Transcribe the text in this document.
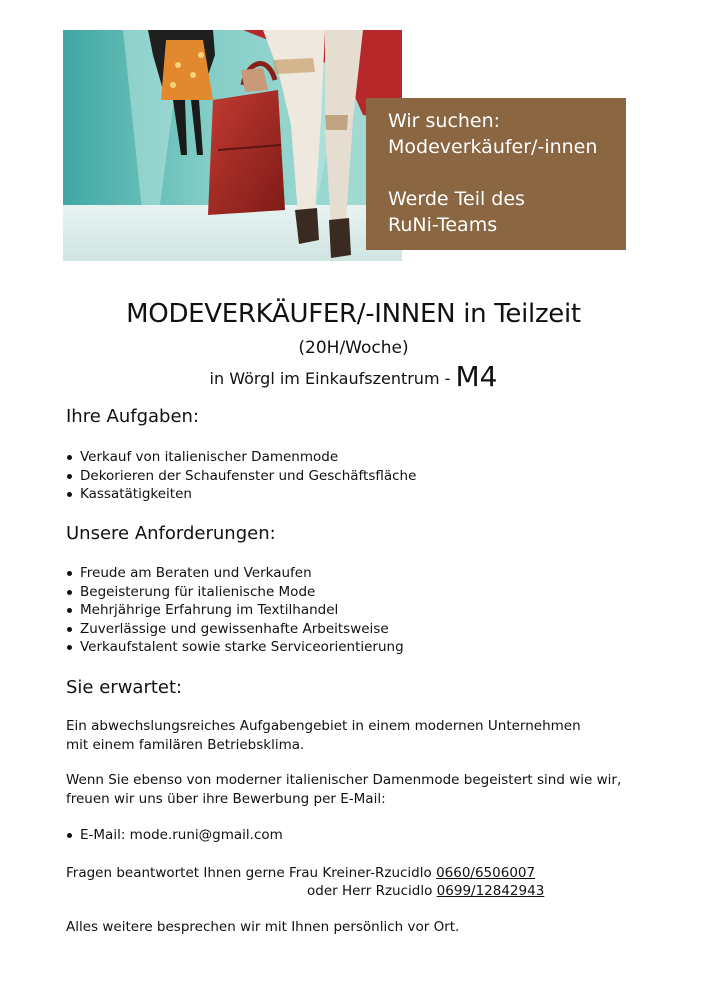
Wir suchen:
Modeverkäufer/-innen
Werde Teil des
RuNi-Teams
MODEVERKÄUFER/-INNEN in Teilzeit
(20H/Woche)
in Wörgl im Einkaufszentrum - M4
Ihre Aufgaben:
Verkauf von italienischer Damenmode
Dekorieren der Schaufenster und Geschäftsfläche
Kassatätigkeiten
Unsere Anforderungen:
Freude am Beraten und Verkaufen
Begeisterung für italienische Mode
Mehrjährige Erfahrung im Textilhandel
Zuverlässige und gewissenhafte Arbeitsweise
Verkaufstalent sowie starke Serviceorientierung
Sie erwartet:
Ein abwechslungsreiches Aufgabengebiet in einem modernen Unternehmen
mit einem familären Betriebsklima.
Wenn Sie ebenso von moderner italienischer Damenmode begeistert sind wie wir,
freuen wir uns über ihre Bewerbung per E-Mail:
E-Mail: mode.runi@gmail.com
Fragen beantwortet Ihnen gerne Frau Kreiner-Rzucidlo 0660/6506007
oder Herr Rzucidlo 0699/12842943
Alles weitere besprechen wir mit Ihnen persönlich vor Ort.
